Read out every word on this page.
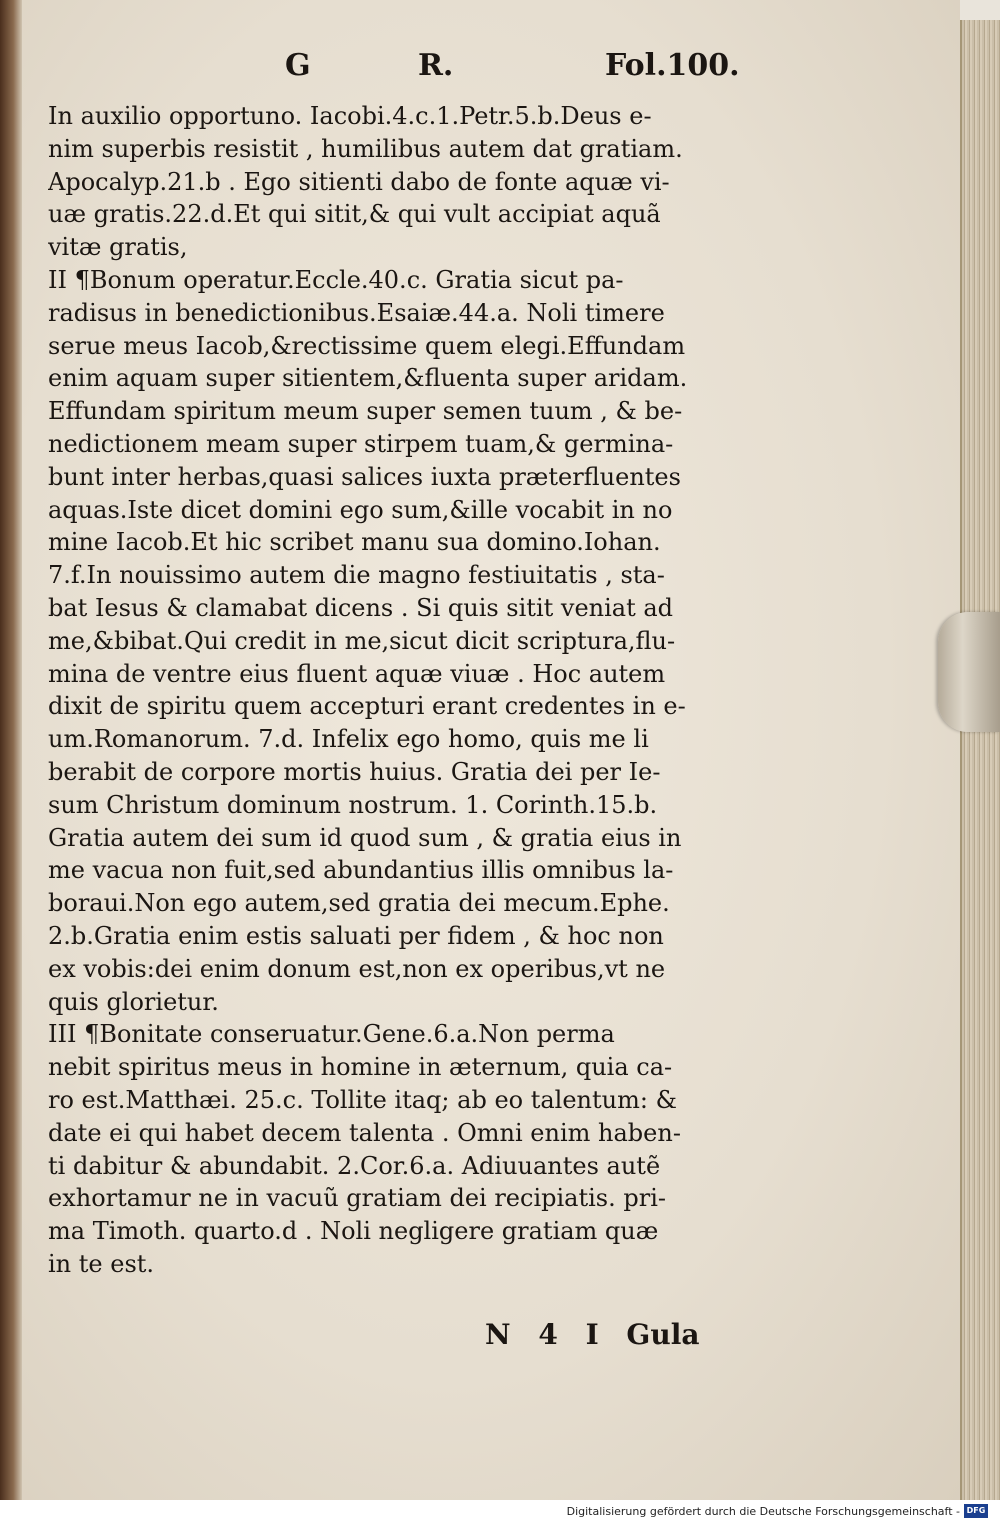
G	R.	Fol.100.
In auxilio opportuno. Iacobi.4.c.1.Petr.5.b.Deus e-
nim superbis resistit , humilibus autem dat gratiam.
Apocalyp.21.b . Ego sitienti dabo de fonte aquæ vi-
uæ gratis.22.d.Et qui sitit,& qui vult accipiat aquã
vitæ gratis,
II ¶Bonum operatur.Eccle.40.c. Gratia sicut pa-
radisus in benedictionibus.Esaiæ.44.a. Noli timere
serue meus Iacob,&rectissime quem elegi.Effundam
enim aquam super sitientem,&fluenta super aridam.
Effundam spiritum meum super semen tuum , & be-
nedictionem meam super stirpem tuam,& germina-
bunt inter herbas,quasi salices iuxta præterfluentes
aquas.Iste dicet domini ego sum,&ille vocabit in no
mine Iacob.Et hic scribet manu sua domino.Iohan.
7.f.In nouissimo autem die magno festiuitatis , sta-
bat Iesus & clamabat dicens . Si quis sitit veniat ad
me,&bibat.Qui credit in me,sicut dicit scriptura,flu-
mina de ventre eius fluent aquæ viuæ . Hoc autem
dixit de spiritu quem accepturi erant credentes in e-
um.Romanorum. 7.d. Infelix ego homo, quis me li
berabit de corpore mortis huius. Gratia dei per Ie-
sum Christum dominum nostrum. 1. Corinth.15.b.
Gratia autem dei sum id quod sum , & gratia eius in
me vacua non fuit,sed abundantius illis omnibus la-
boraui.Non ego autem,sed gratia dei mecum.Ephe.
2.b.Gratia enim estis saluati per fidem , & hoc non
ex vobis:dei enim donum est,non ex operibus,vt ne
quis glorietur.
III ¶Bonitate conseruatur.Gene.6.a.Non perma
nebit spiritus meus in homine in æternum, quia ca-
ro est.Matthæi. 25.c. Tollite itaq; ab eo talentum: &
date ei qui habet decem talenta . Omni enim haben-
ti dabitur & abundabit. 2.Cor.6.a. Adiuuantes autẽ
exhortamur ne in vacuũ gratiam dei recipiatis. pri-
ma Timoth. quarto.d . Noli negligere gratiam quæ
in te est.
N 4 I Gula
Digitalisierung gefördert durch die Deutsche Forschungsgemeinschaft - DFG
